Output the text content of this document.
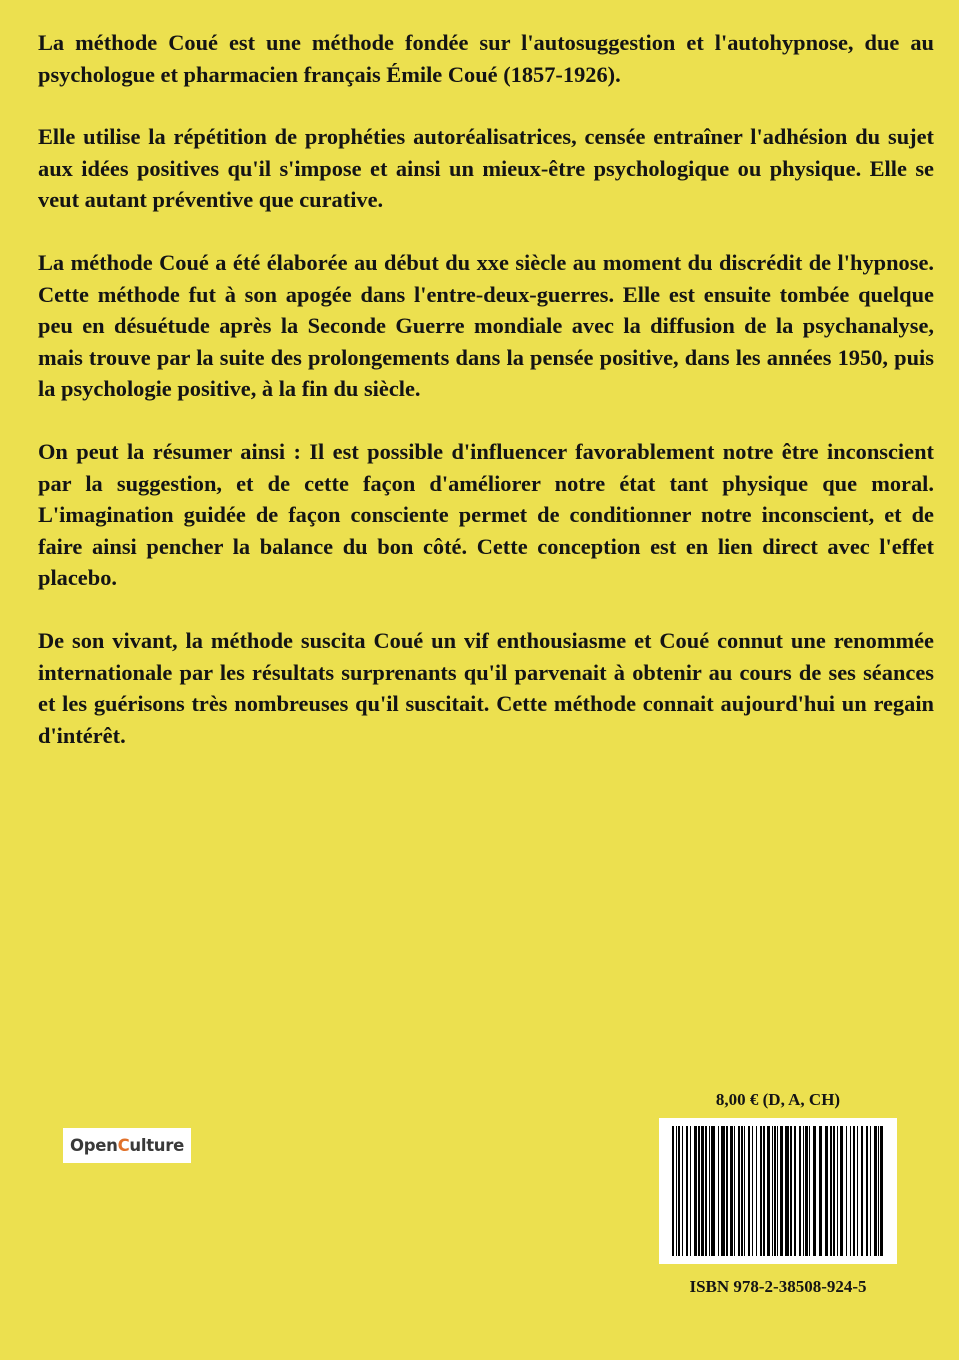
La méthode Coué est une méthode fondée sur l'autosuggestion et l'autohypnose, due au psychologue et pharmacien français Émile Coué (1857-1926).

Elle utilise la répétition de prophéties autoréalisatrices, censée entraîner l'adhésion du sujet aux idées positives qu'il s'impose et ainsi un mieux-être psychologique ou physique. Elle se veut autant préventive que curative.

La méthode Coué a été élaborée au début du xxe siècle au moment du discrédit de l'hypnose. Cette méthode fut à son apogée dans l'entre-deux-guerres. Elle est ensuite tombée quelque peu en désuétude après la Seconde Guerre mondiale avec la diffusion de la psychanalyse, mais trouve par la suite des prolongements dans la pensée positive, dans les années 1950, puis la psychologie positive, à la fin du siècle.

On peut la résumer ainsi : Il est possible d'influencer favorablement notre être inconscient par la suggestion, et de cette façon d'améliorer notre état tant physique que moral. L'imagination guidée de façon consciente permet de conditionner notre inconscient, et de faire ainsi pencher la balance du bon côté. Cette conception est en lien direct avec l'effet placebo.

De son vivant, la méthode suscita Coué un vif enthousiasme et Coué connut une renommée internationale par les résultats surprenants qu'il parvenait à obtenir au cours de ses séances et les guérisons très nombreuses qu'il suscitait. Cette méthode connait aujourd'hui un regain d'intérêt.

Open C ulture
8,00 € (D, A, CH)
ISBN 978-2-38508-924-5
